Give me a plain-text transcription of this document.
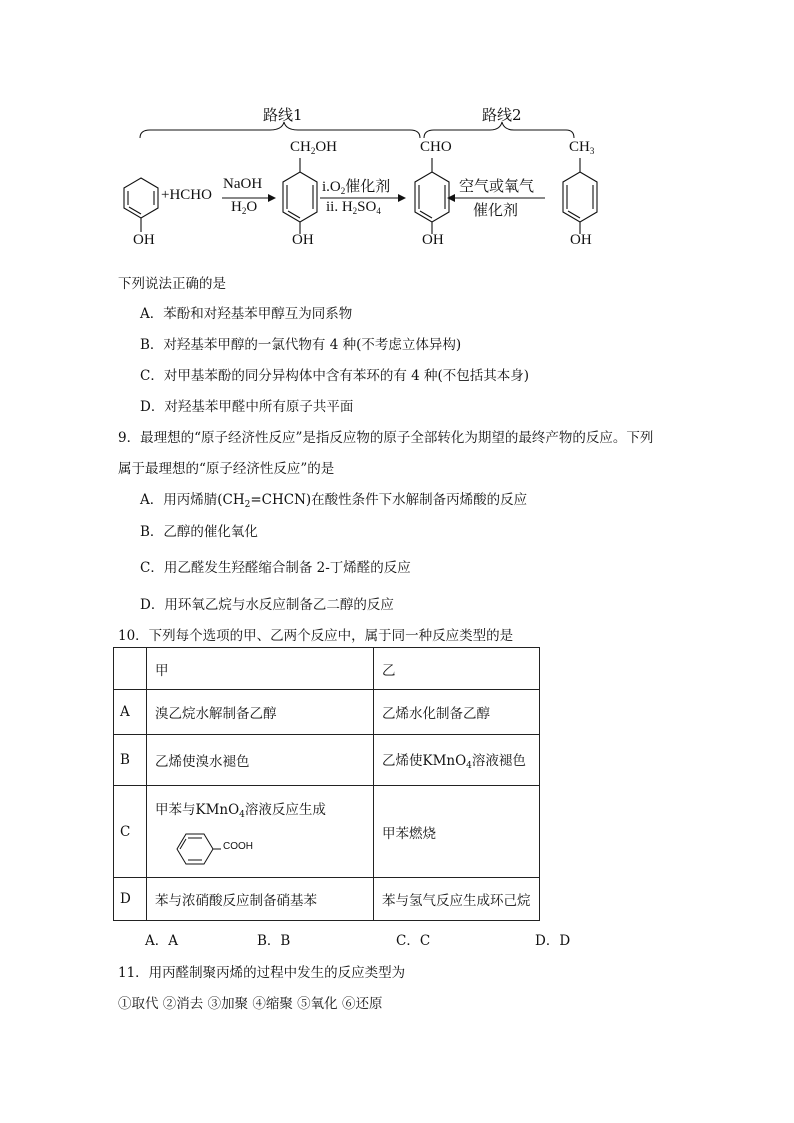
路线1	路线2
OH
+HCHO
NaOH
$H_2O$
$CH_2OH$
OH
$i.O_2$催化剂
ii. $H_2SO_4$
CHO
OH
空气或氧气
催化剂
$CH_3$
OH
下列说法正确的是
A．苯酚和对羟基苯甲醇互为同系物
B．对羟基苯甲醇的一氯代物有 4 种(不考虑立体异构)
C．对甲基苯酚的同分异构体中含有苯环的有 4 种(不包括其本身)
D．对羟基苯甲醛中所有原子共平面
9．最理想的“原子经济性反应”是指反应物的原子全部转化为期望的最终产物的反应。下列
属于最理想的“原子经济性反应”的是
A．用丙烯腈$(CH_2=CHCN)$在酸性条件下水解制备丙烯酸的反应
B．乙醇的催化氧化
C．用乙醛发生羟醛缩合制备 2-丁烯醛的反应
D．用环氧乙烷与水反应制备乙二醇的反应
10．下列每个选项的甲、乙两个反应中，属于同一种反应类型的是
	甲	乙
A	溴乙烷水解制备乙醇	乙烯水化制备乙醇
B	乙烯使溴水褪色	乙烯使KMnO$_4$溶液褪色
C	甲苯与KMnO$_4$溶液反应生成
COOH	甲苯燃烧
D	苯与浓硝酸反应制备硝基苯	苯与氢气反应生成环己烷
A．A	B．B	C．C	D．D
11．用丙醛制聚丙烯的过程中发生的反应类型为
①取代 ②消去 ③加聚 ④缩聚 ⑤氧化 ⑥还原
